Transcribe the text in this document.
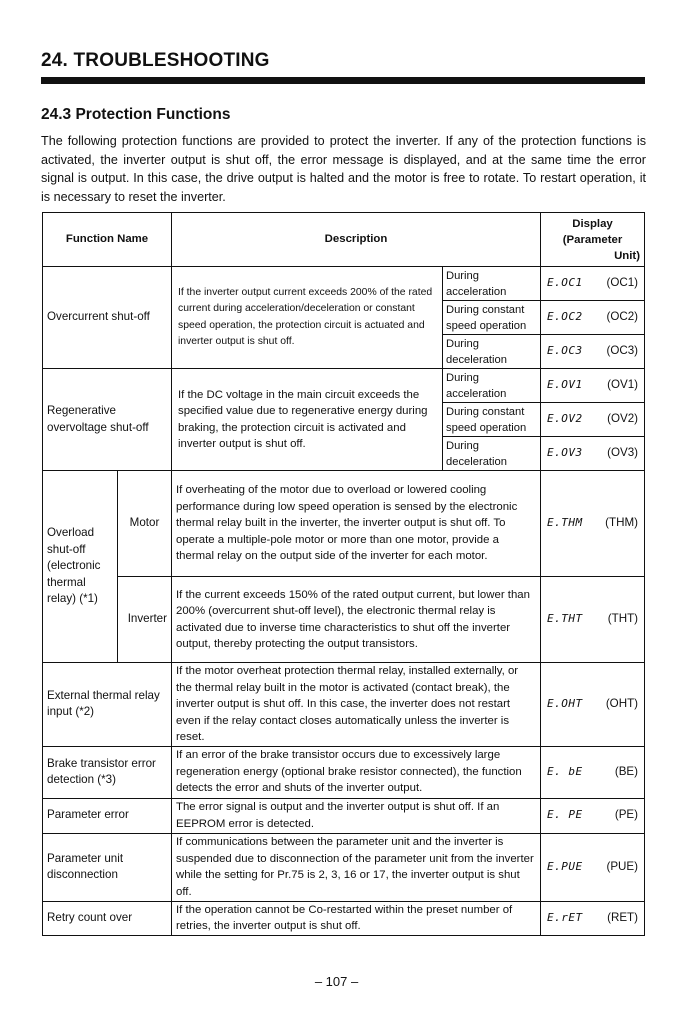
24. TROUBLESHOOTING
24.3 Protection Functions
The following protection functions are provided to protect the inverter. If any of the protection functions is activated, the inverter output is shut off, the error message is displayed, and at the same time the error signal is output. In this case, the drive output is halted and the motor is free to rotate. To restart operation, it is necessary to reset the inverter.
Function Name		Description		Display
(Parameter
Unit)

Overcurrent shut-off		If the inverter output current exceeds 200% of the rated current during acceleration/deceleration or constant speed operation, the protection circuit is actuated and inverter output is shut off.	During acceleration	E.OC1 (OC1)

			During constant speed operation	E.OC2 (OC2)

			During deceleration	E.OC3 (OC3)

Regenerative overvoltage shut-off		If the DC voltage in the main circuit exceeds the specified value due to regenerative energy during braking, the protection circuit is activated and inverter output is shut off.	During acceleration	E.OV1 (OV1)

			During constant speed operation	E.OV2 (OV2)

			During deceleration	E.OV3 (OV3)

Overload shut-off (electronic thermal relay) (*1)	Motor	If overheating of the motor due to overload or lowered cooling performance during low speed operation is sensed by the electronic thermal relay built in the inverter, the inverter output is shut off. To operate a multiple-pole motor or more than one motor, provide a thermal relay on the output side of the inverter for each motor.		E.THM (THM)

	Inverter	If the current exceeds 150% of the rated output current, but lower than 200% (overcurrent shut-off level), the electronic thermal relay is activated due to inverse time characteristics to shut off the inverter output, thereby protecting the output transistors.		E.THT (THT)

External thermal relay input (*2)		If the motor overheat protection thermal relay, installed externally, or the thermal relay built in the motor is activated (contact break), the inverter output is shut off. In this case, the inverter does not restart even if the relay contact closes automatically unless the inverter is reset.		E.OHT (OHT)

Brake transistor error detection (*3)		If an error of the brake transistor occurs due to excessively large regeneration energy (optional brake resistor connected), the function detects the error and shuts of the inverter output.		E. bE (BE)

Parameter error		The error signal is output and the inverter output is shut off. If an EEPROM error is detected.		E. PE (PE)

Parameter unit disconnection		If communications between the parameter unit and the inverter is suspended due to disconnection of the parameter unit from the inverter while the setting for Pr.75 is 2, 3, 16 or 17, the inverter output is shut off.		E.PUE (PUE)

Retry count over		If the operation cannot be Co-restarted within the preset number of retries, the inverter output is shut off.		E.rET (RET)
– 107 –
